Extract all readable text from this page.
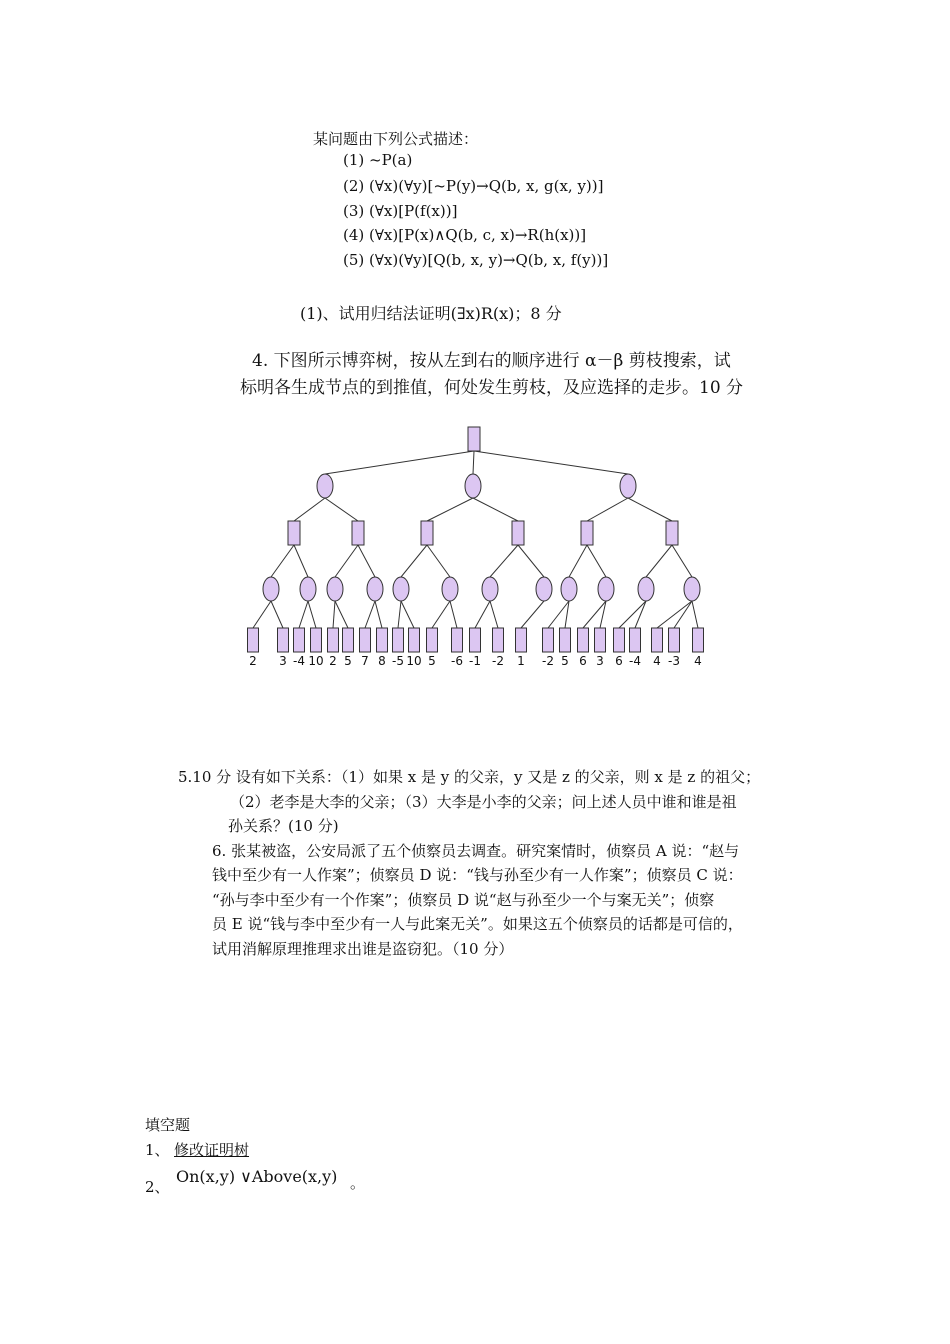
某问题由下列公式描述：
(1) ~P(a)
(2) (∀x)(∀y)[~P(y)→Q(b, x, g(x, y))]
(3) (∀x)[P(f(x))]
(4) (∀x)[P(x)∧Q(b, c, x)→R(h(x))]
(5) (∀x)(∀y)[Q(b, x, y)→Q(b, x, f(y))]
(1)、试用归结法证明(∃x)R(x)；8 分
4. 下图所示博弈树，按从左到右的顺序进行 α－β 剪枝搜索，试
标明各生成节点的到推值，何处发生剪枝，及应选择的走步。10 分
2 3 -4 10 2 5 7 8 -5 10 5 -6 -1 -2 1 -2 5 6 3 6 -4 4 -3 4
5.10 分 设有如下关系：（1）如果 x 是 y 的父亲，y 又是 z 的父亲，则 x 是 z 的祖父；
（2）老李是大李的父亲；（3）大李是小李的父亲；问上述人员中谁和谁是祖
孙关系？(10 分)
6. 张某被盗，公安局派了五个侦察员去调查。研究案情时，侦察员 A 说：“赵与
钱中至少有一人作案”；侦察员 D 说：“钱与孙至少有一人作案”；侦察员 C 说：
“孙与李中至少有一个作案”；侦察员 D 说“赵与孙至少一个与案无关”；侦察
员 E 说“钱与李中至少有一人与此案无关”。如果这五个侦察员的话都是可信的，
试用消解原理推理求出谁是盗窃犯。（10 分）
填空题
1、 修改证明树
2、
On(x,y) ∨Above(x,y) 。
